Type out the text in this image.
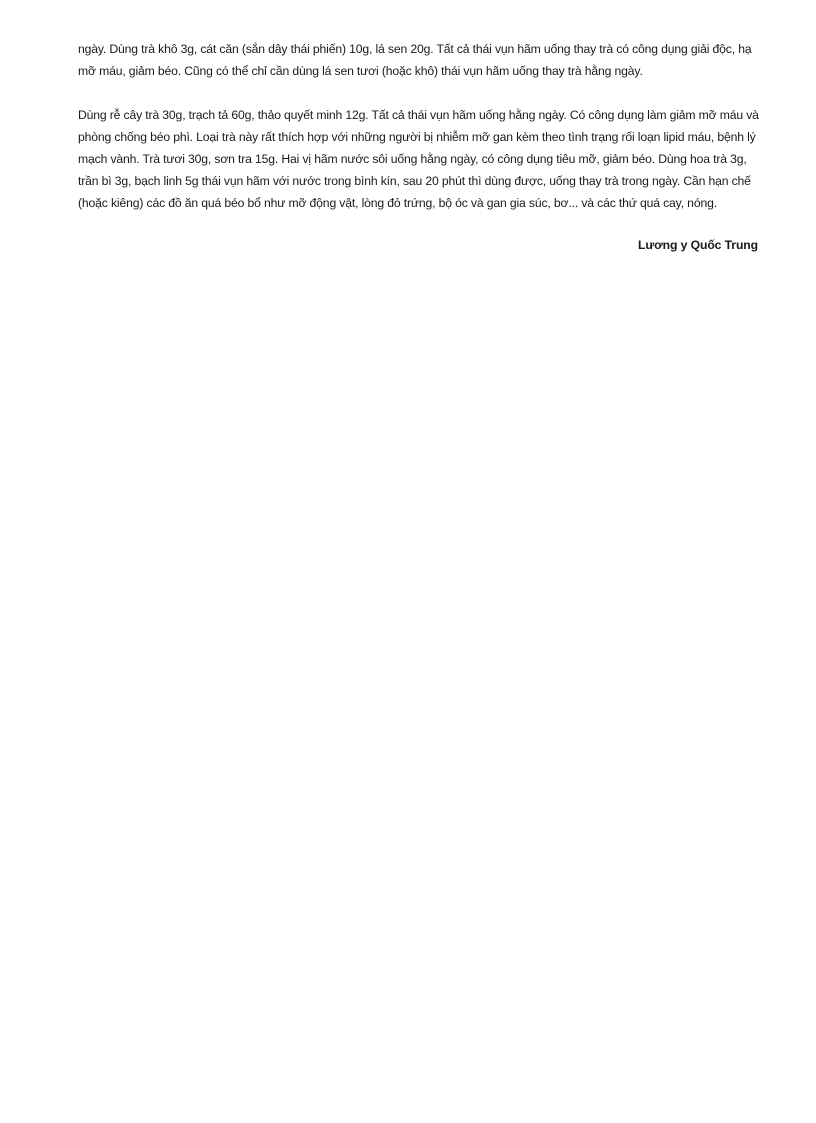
ngày. Dùng trà khô 3g, cát căn (sắn dây thái phiến) 10g, lá sen 20g. Tất cả thái vụn hãm uống thay trà có công dụng giải độc, hạ mỡ máu, giảm béo. Cũng có thể chỉ cần dùng lá sen tươi (hoặc khô) thái vụn hãm uống thay trà hằng ngày.

Dùng rễ cây trà 30g, trạch tả 60g, thảo quyết minh 12g. Tất cả thái vụn hãm uống hằng ngày. Có công dụng làm giảm mỡ máu và phòng chống béo phì. Loại trà này rất thích hợp với những người bị nhiễm mỡ gan kèm theo tình trạng rối loạn lipid máu, bệnh lý mạch vành. Trà tươi 30g, sơn tra 15g. Hai vị hãm nước sôi uống hằng ngày, có công dụng tiêu mỡ, giảm béo. Dùng hoa trà 3g, trần bì 3g, bạch linh 5g thái vụn hãm với nước trong bình kín, sau 20 phút thì dùng được, uống thay trà trong ngày. Cần hạn chế (hoặc kiêng) các đồ ăn quá béo bổ như mỡ động vật, lòng đỏ trứng, bộ óc và gan gia súc, bơ... và các thứ quá cay, nóng.

Lương y Quốc Trung
